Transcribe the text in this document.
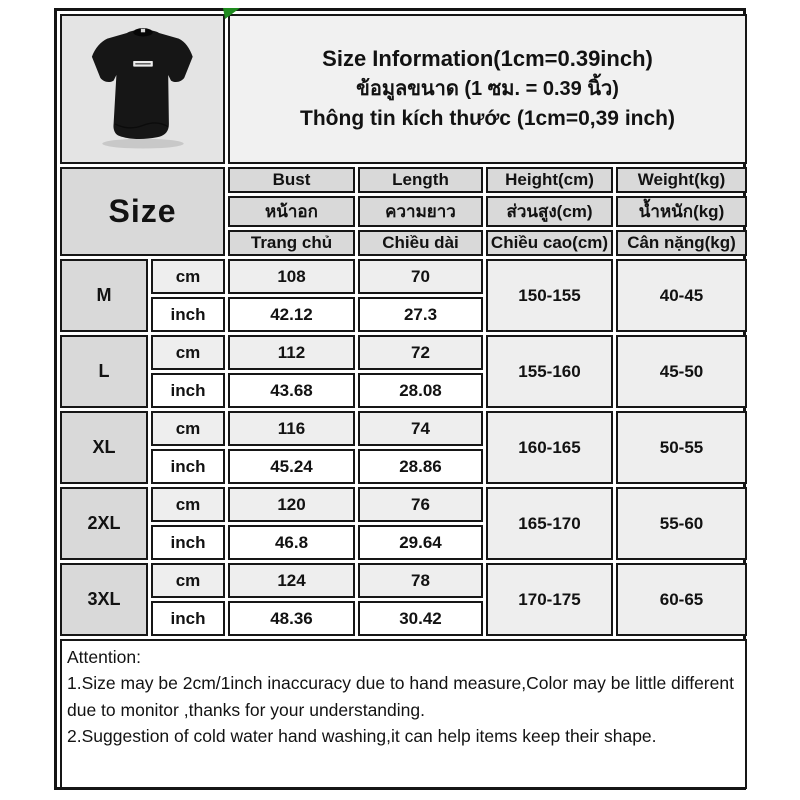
Size Information(1cm=0.39inch)
ข้อมูลขนาด (1 ซม. = 0.39 นิ้ว)
Thông tin kích thước (1cm=0,39 inch)			

Size		Bust	Length	Height(cm)	Weight(kg)
		หน้าอก	ความยาว	ส่วนสูง(cm)	น้ำหนัก(kg)
		Trang chủ	Chiều dài	Chiều cao(cm)	Cân nặng(kg)
M	cm	108	70	150-155	40-45
	inch	42.12	27.3		
L	cm	112	72	155-160	45-50
	inch	43.68	28.08		
XL	cm	116	74	160-165	50-55
	inch	45.24	28.86		
2XL	cm	120	76	165-170	55-60
	inch	46.8	29.64		
3XL	cm	124	78	170-175	60-65
	inch	48.36	30.42		

Attention:
1.Size may be 2cm/1inch inaccuracy due to hand measure,Color may be little different due to monitor ,thanks for your understanding.
2.Suggestion of cold water hand washing,it can help items keep their shape.					
